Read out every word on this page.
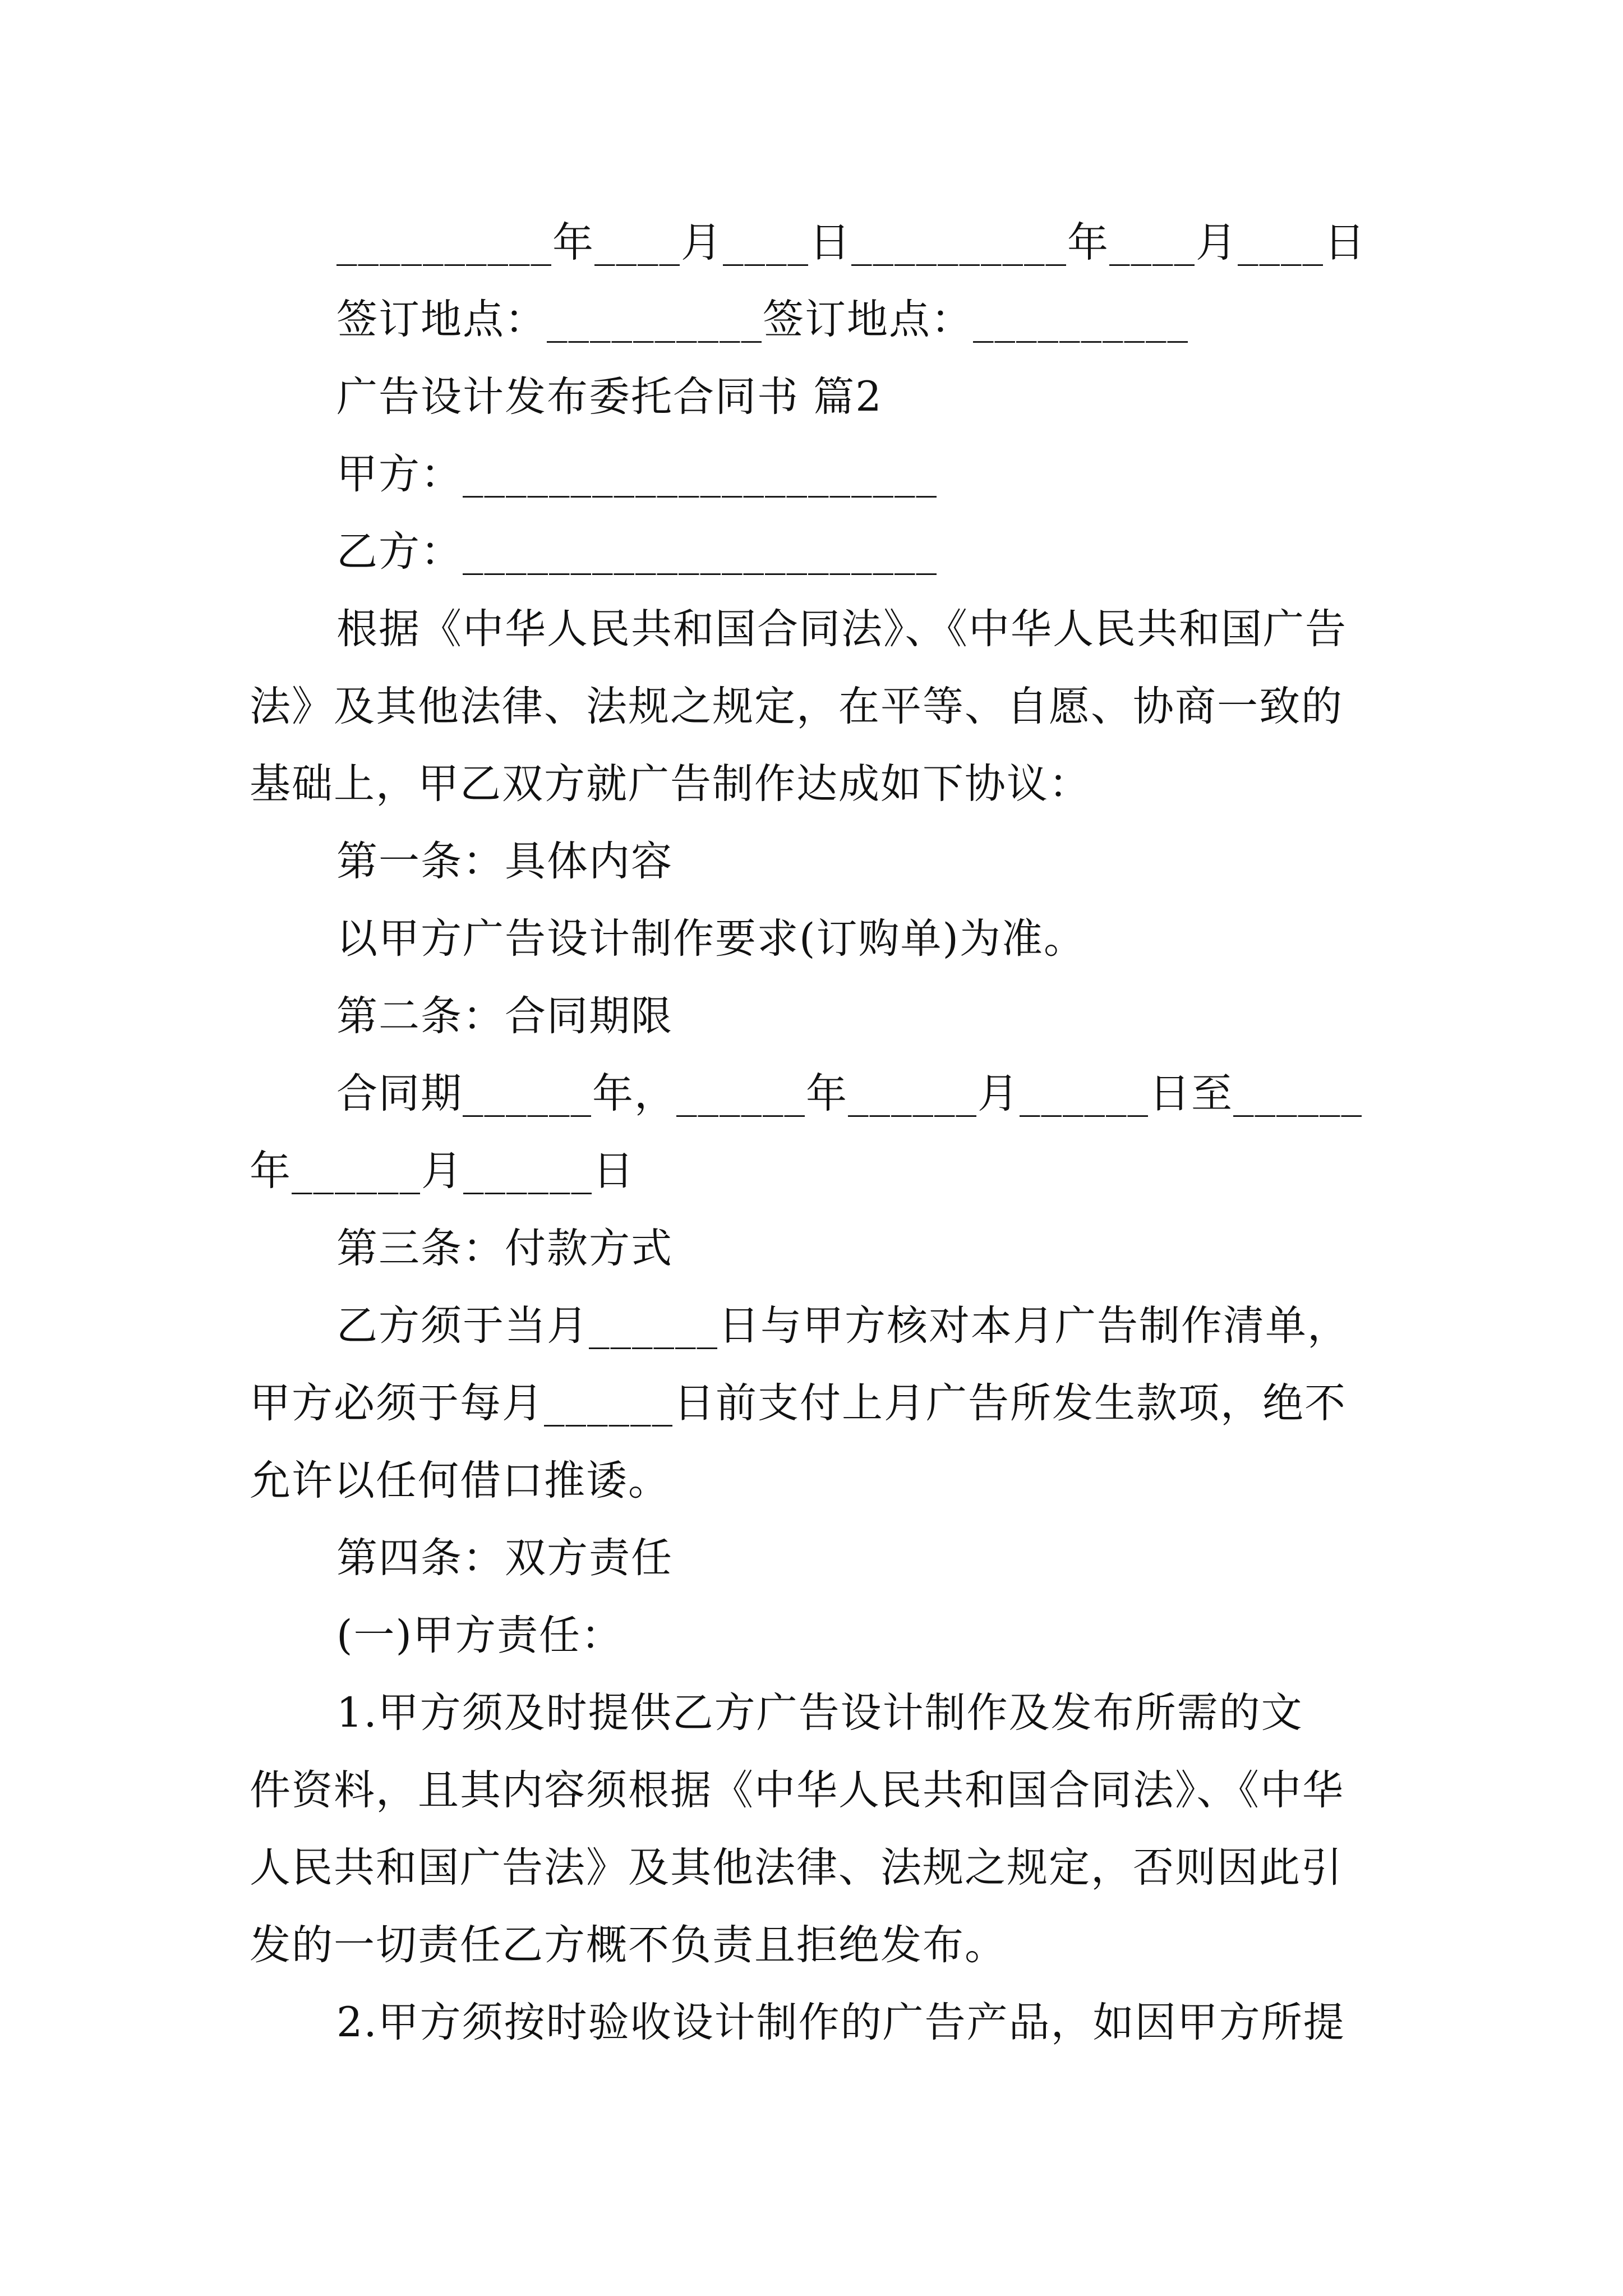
__________年____月____日__________年____月____日
签订地点：__________签订地点：__________
广告设计发布委托合同书 篇2
甲方：______________________
乙方：______________________
根据《中华人民共和国合同法》、《中华人民共和国广告
法》及其他法律、法规之规定，在平等、自愿、协商一致的
基础上，甲乙双方就广告制作达成如下协议：
第一条：具体内容
以甲方广告设计制作要求(订购单)为准。
第二条：合同期限
合同期______年，______年______月______日至______
年______月______日
第三条：付款方式
乙方须于当月______日与甲方核对本月广告制作清单，
甲方必须于每月______日前支付上月广告所发生款项，绝不
允许以任何借口推诿。
第四条：双方责任
(一)甲方责任：
1.甲方须及时提供乙方广告设计制作及发布所需的文
件资料，且其内容须根据《中华人民共和国合同法》、《中华
人民共和国广告法》及其他法律、法规之规定，否则因此引
发的一切责任乙方概不负责且拒绝发布。
2.甲方须按时验收设计制作的广告产品，如因甲方所提
